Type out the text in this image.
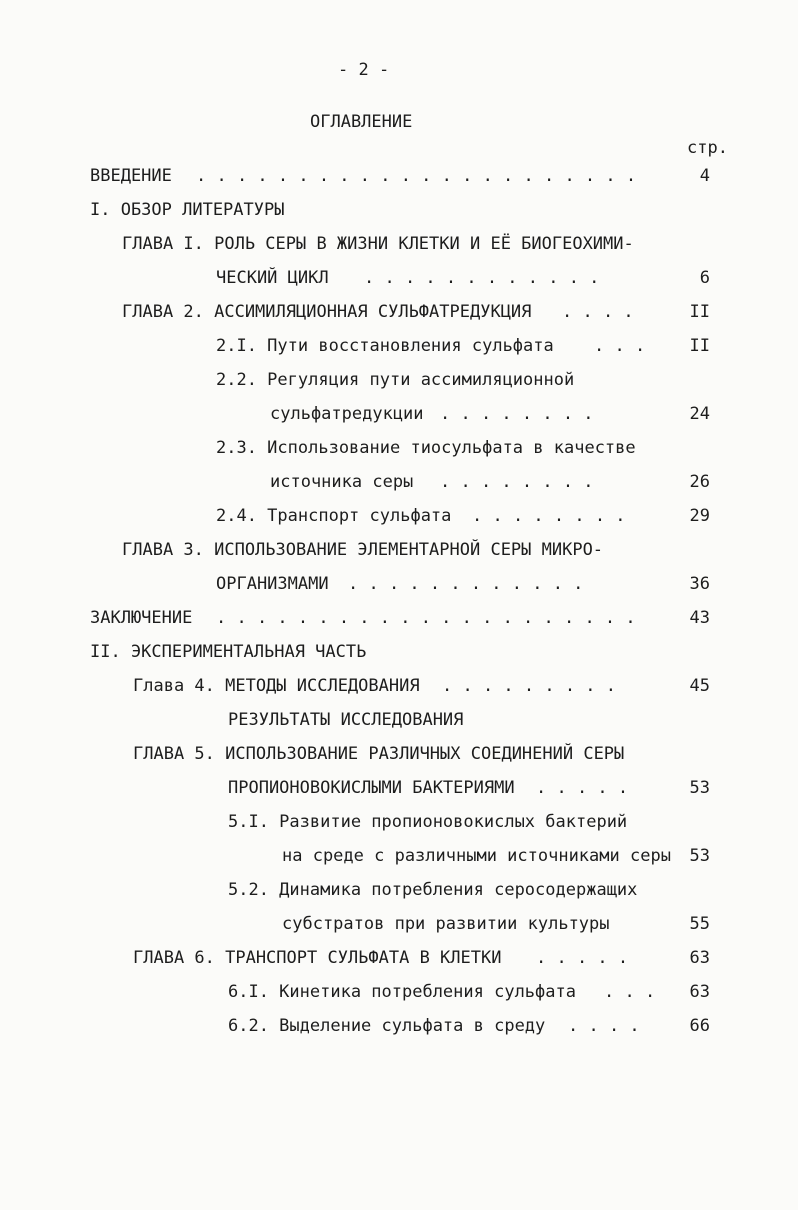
- 2 -
ОГЛАВЛЕНИЕ
стр.
ВВЕДЕНИЕ . . . . . . . . . . . . . . . . . . . . . .	4
I. ОБЗОР ЛИТЕРАТУРЫ
ГЛАВА I. РОЛЬ СЕРЫ В ЖИЗНИ КЛЕТКИ И ЕЁ БИОГЕОХИМИ-
ЧЕСКИЙ ЦИКЛ . . . . . . . . . . . .	6
ГЛАВА 2. АССИМИЛЯЦИОННАЯ СУЛЬФАТРЕДУКЦИЯ . . . .	II
2.I. Пути восстановления сульфата . . .	II
2.2. Регуляция пути ассимиляционной
сульфатредукции . . . . . . . .	24
2.3. Использование тиосульфата в качестве
источника серы . . . . . . . .	26
2.4. Транспорт сульфата . . . . . . . .	29
ГЛАВА 3. ИСПОЛЬЗОВАНИЕ ЭЛЕМЕНТАРНОЙ СЕРЫ МИКРО-
ОРГАНИЗМАМИ . . . . . . . . . . . .	36
ЗАКЛЮЧЕНИЕ . . . . . . . . . . . . . . . . . . . . .	43
II. ЭКСПЕРИМЕНТАЛЬНАЯ ЧАСТЬ
Глава 4. МЕТОДЫ ИССЛЕДОВАНИЯ . . . . . . . . .	45
РЕЗУЛЬТАТЫ ИССЛЕДОВАНИЯ
ГЛАВА 5. ИСПОЛЬЗОВАНИЕ РАЗЛИЧНЫХ СОЕДИНЕНИЙ СЕРЫ
ПРОПИОНОВОКИСЛЫМИ БАКТЕРИЯМИ . . . . .	53
5.I. Развитие пропионовокислых бактерий
на среде с различными источниками серы	53
5.2. Динамика потребления серосодержащих
субстратов при развитии культуры	55
ГЛАВА 6. ТРАНСПОРТ СУЛЬФАТА В КЛЕТКИ . . . . .	63
6.I. Кинетика потребления сульфата . . .	63
6.2. Выделение сульфата в среду . . . .	66
